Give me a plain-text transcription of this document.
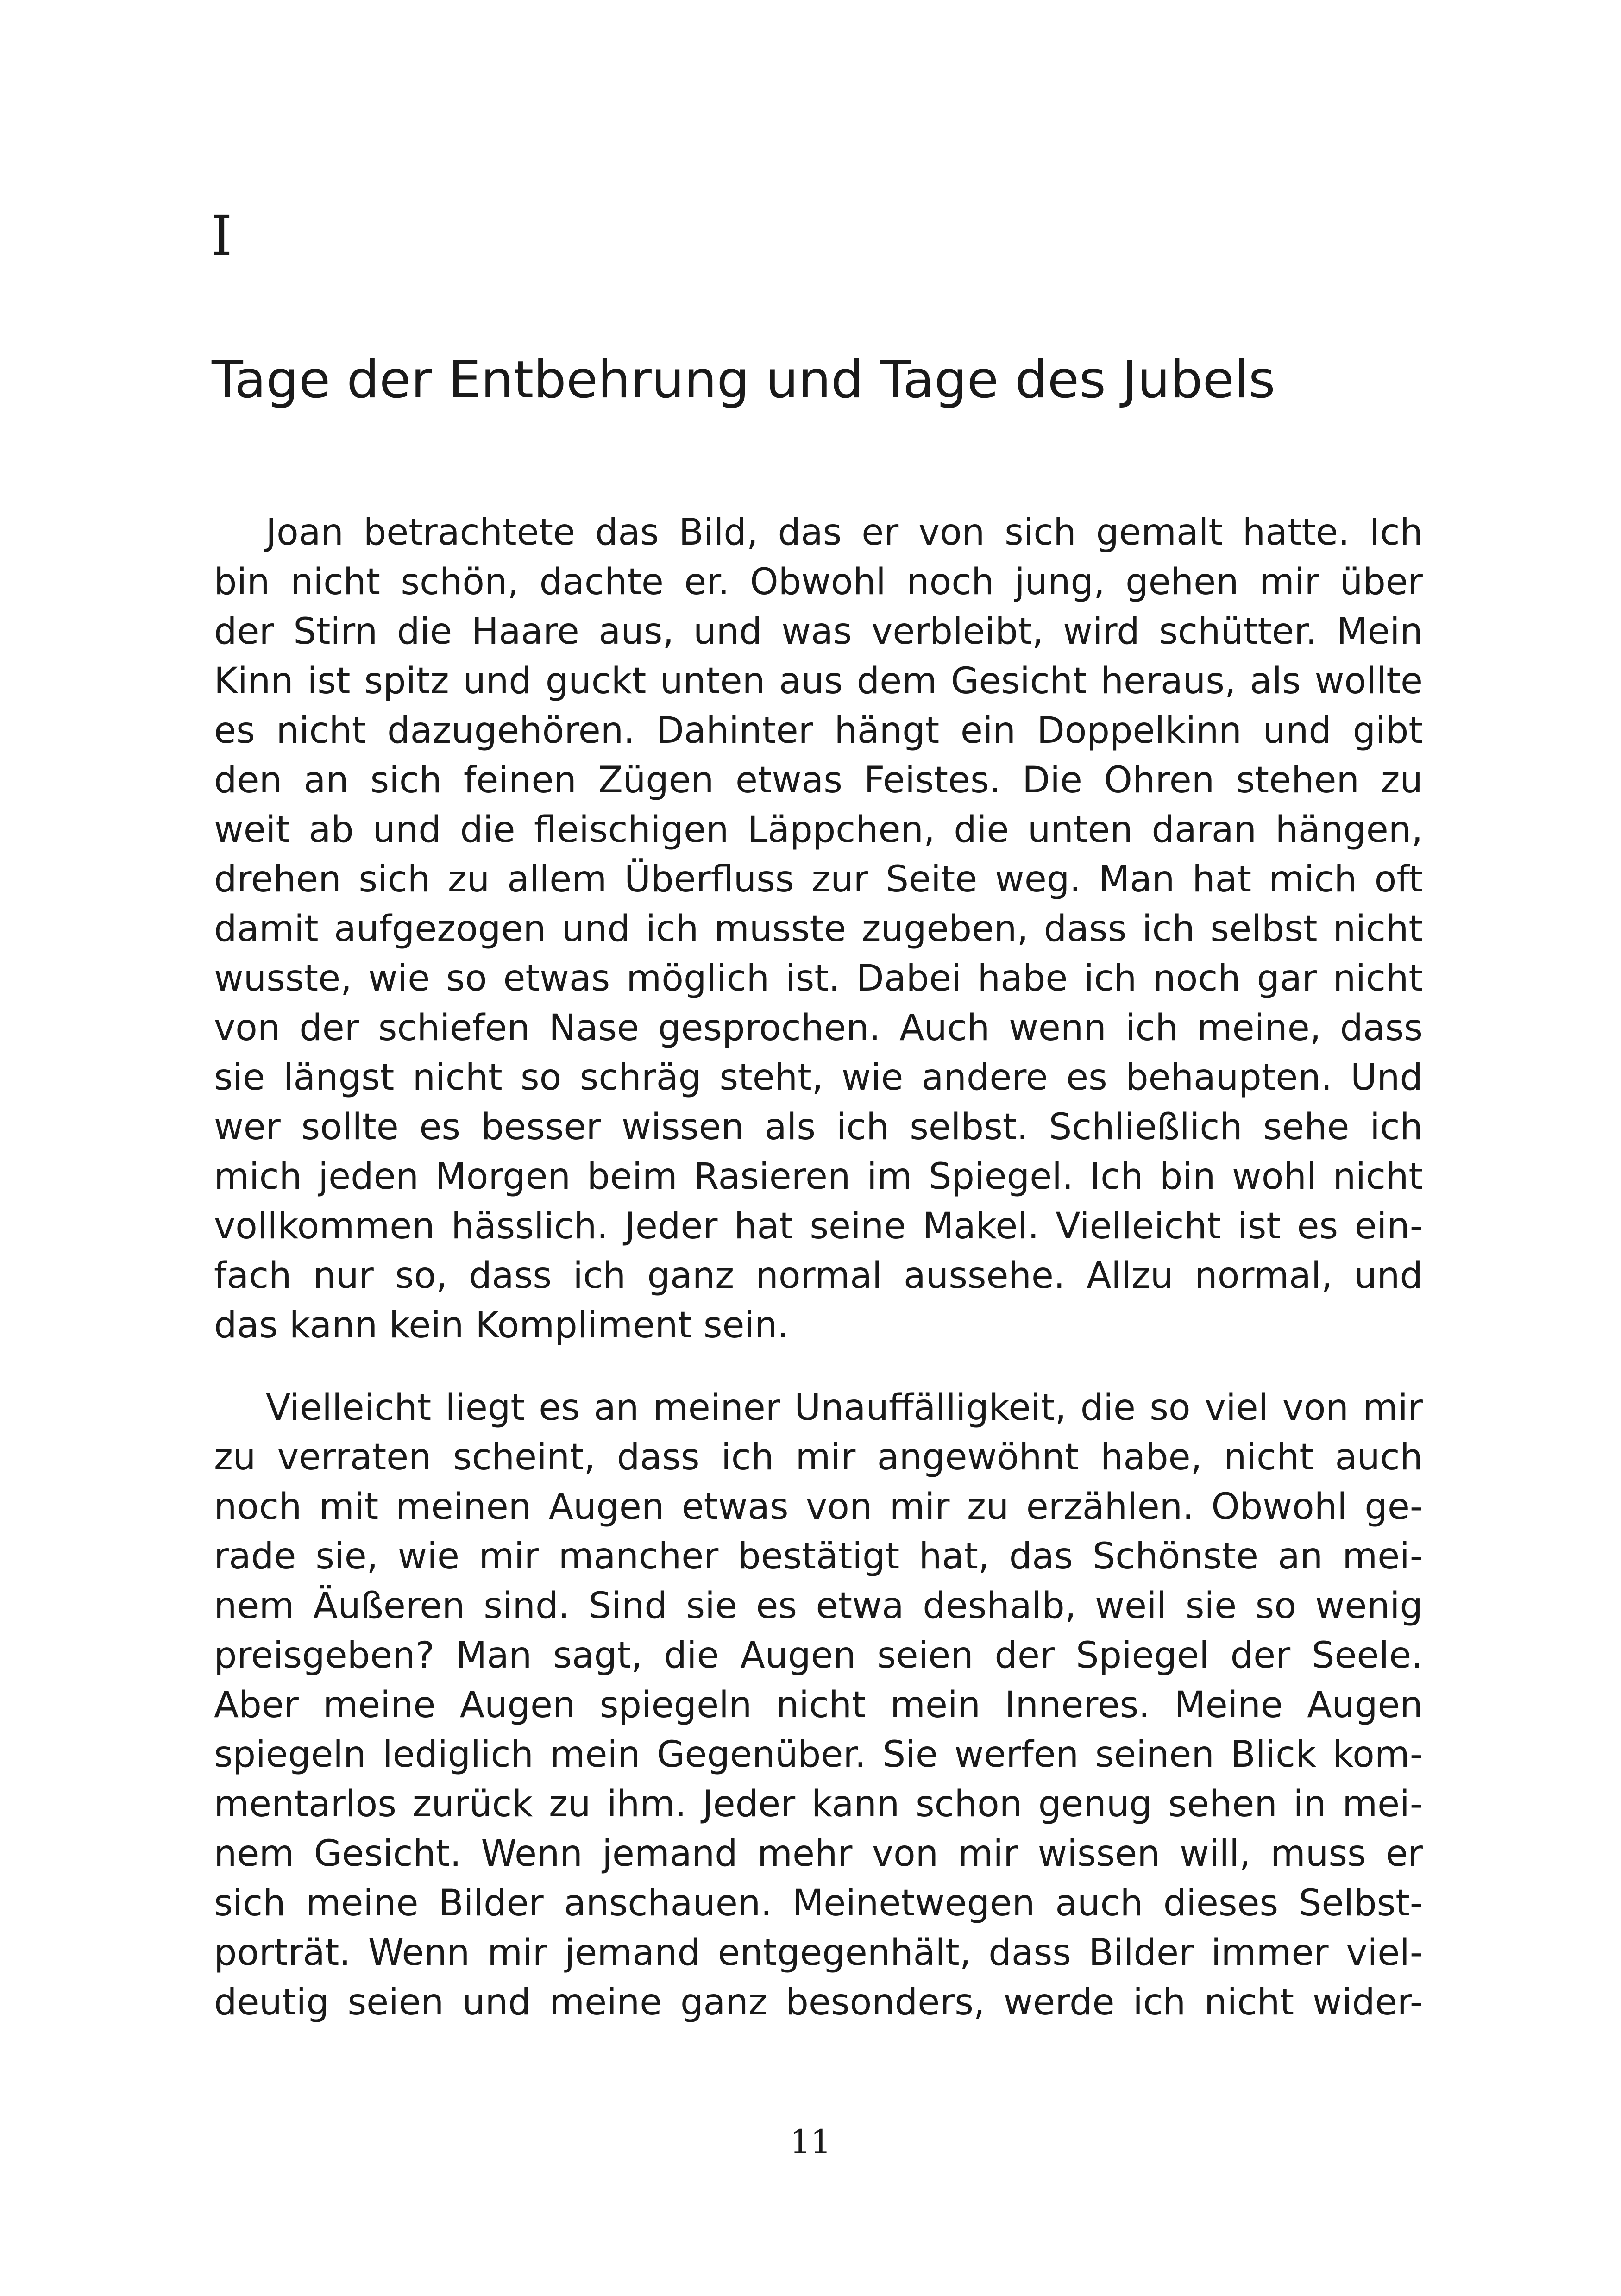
I
Tage der Entbehrung und Tage des Jubels
Joan betrachtete das Bild, das er von sich gemalt hatte. Ich
bin nicht schön, dachte er. Obwohl noch jung, gehen mir über
der Stirn die Haare aus, und was verbleibt, wird schütter. Mein
Kinn ist spitz und guckt unten aus dem Gesicht heraus, als wollte
es nicht dazugehören. Dahinter hängt ein Doppelkinn und gibt
den an sich feinen Zügen etwas Feistes. Die Ohren stehen zu
weit ab und die fleischigen Läppchen, die unten daran hängen,
drehen sich zu allem Überfluss zur Seite weg. Man hat mich oft
damit aufgezogen und ich musste zugeben, dass ich selbst nicht
wusste, wie so etwas möglich ist. Dabei habe ich noch gar nicht
von der schiefen Nase gesprochen. Auch wenn ich meine, dass
sie längst nicht so schräg steht, wie andere es behaupten. Und
wer sollte es besser wissen als ich selbst. Schließlich sehe ich
mich jeden Morgen beim Rasieren im Spiegel. Ich bin wohl nicht
vollkommen hässlich. Jeder hat seine Makel. Vielleicht ist es ein-
fach nur so, dass ich ganz normal aussehe. Allzu normal, und
das kann kein Kompliment sein.
Vielleicht liegt es an meiner Unauffälligkeit, die so viel von mir
zu verraten scheint, dass ich mir angewöhnt habe, nicht auch
noch mit meinen Augen etwas von mir zu erzählen. Obwohl ge-
rade sie, wie mir mancher bestätigt hat, das Schönste an mei-
nem Äußeren sind. Sind sie es etwa deshalb, weil sie so wenig
preisgeben? Man sagt, die Augen seien der Spiegel der Seele.
Aber meine Augen spiegeln nicht mein Inneres. Meine Augen
spiegeln lediglich mein Gegenüber. Sie werfen seinen Blick kom-
mentarlos zurück zu ihm. Jeder kann schon genug sehen in mei-
nem Gesicht. Wenn jemand mehr von mir wissen will, muss er
sich meine Bilder anschauen. Meinetwegen auch dieses Selbst-
porträt. Wenn mir jemand entgegenhält, dass Bilder immer viel-
deutig seien und meine ganz besonders, werde ich nicht wider-
11
